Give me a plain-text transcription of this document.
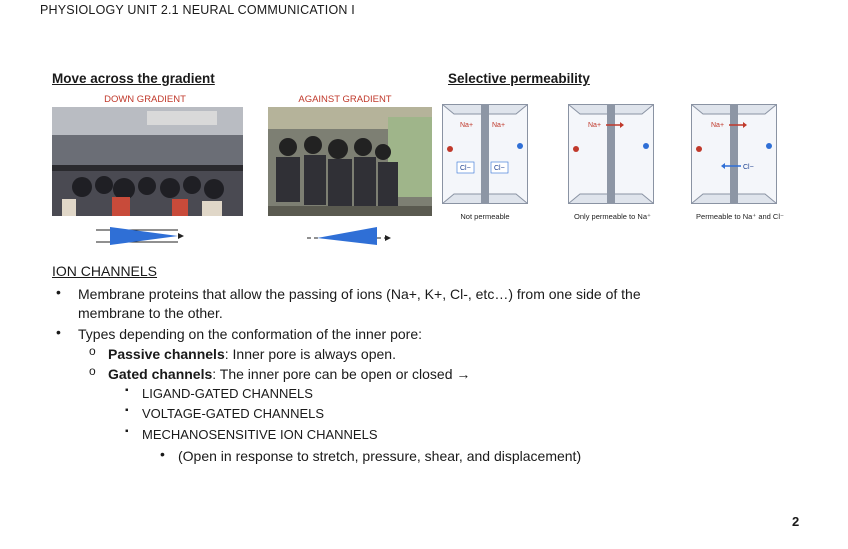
PHYSIOLOGY UNIT 2.1 NEURAL COMMUNICATION I
Move across the gradient
DOWN GRADIENT	AGAINST GRADIENT
Selective permeability
Na+	Na+
Cl−	Cl−
Na+	Na+
Cl−
Not permeable	Only permeable to Na⁺	Permeable to Na⁺ and Cl⁻
ION CHANNELS
• Membrane proteins that allow the passing of ions (Na+, K+, Cl-, etc…) from one side of the
membrane to the other.
• Types depending on the conformation of the inner pore:
o Passive channels: Inner pore is always open.
o Gated channels: The inner pore can be open or closed →
▪ LIGAND-GATED CHANNELS
▪ VOLTAGE-GATED CHANNELS
▪ MECHANOSENSITIVE ION CHANNELS
• (Open in response to stretch, pressure, shear, and displacement)
2
